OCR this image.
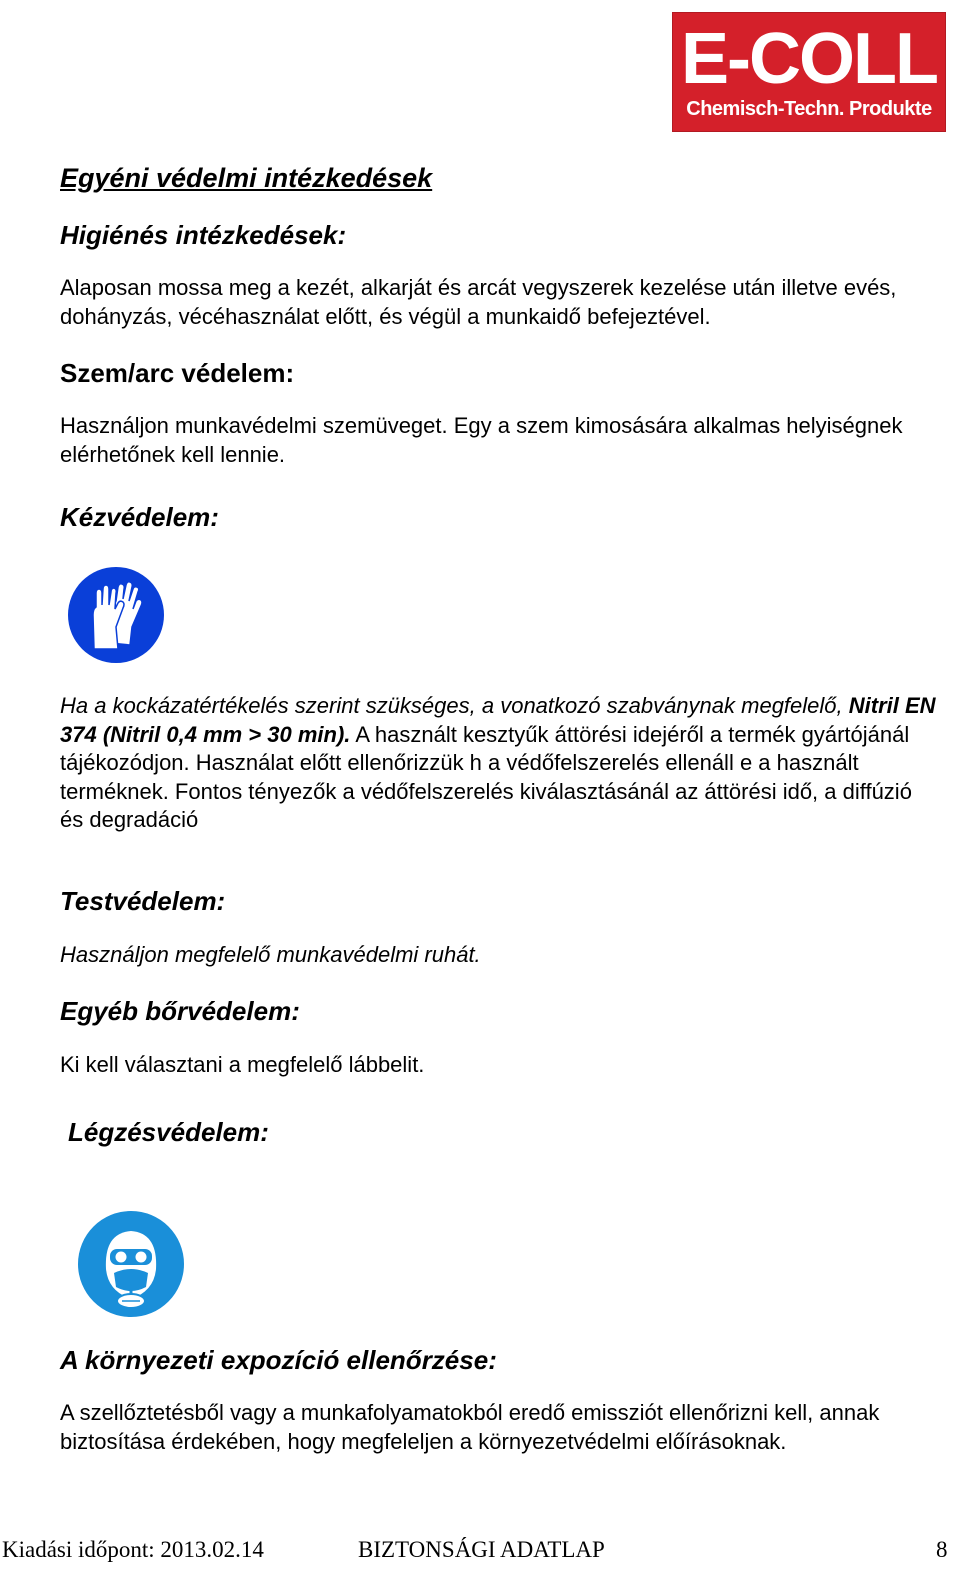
E-COLL
Chemisch-Techn. Produkte
Egyéni védelmi intézkedések
Higiénés intézkedések:
Alaposan mossa meg a kezét, alkarját és arcát vegyszerek kezelése után illetve evés, dohányzás, vécéhasználat előtt, és végül a munkaidő befejeztével.
Szem/arc védelem:
Használjon munkavédelmi szemüveget. Egy a szem kimosására alkalmas helyiségnek elérhetőnek kell lennie.
Kézvédelem:
Ha a kockázatértékelés szerint szükséges, a vonatkozó szabványnak megfelelő, Nitril EN 374 (Nitril 0,4 mm > 30 min). A használt kesztyűk áttörési idejéről a termék gyártójánál tájékozódjon. Használat előtt ellenőrizzük h a védőfelszerelés ellenáll e a használt terméknek. Fontos tényezők a védőfelszerelés kiválasztásánál az áttörési idő, a diffúzió és degradáció
Testvédelem:
Használjon megfelelő munkavédelmi ruhát.
Egyéb bőrvédelem:
Ki kell választani a megfelelő lábbelit.
Légzésvédelem:
A környezeti expozíció ellenőrzése:
A szellőztetésből vagy a munkafolyamatokból eredő emissziót ellenőrizni kell, annak biztosítása érdekében, hogy megfeleljen a környezetvédelmi előírásoknak.
Kiadási időpont: 2013.02.14	BIZTONSÁGI ADATLAP	8
